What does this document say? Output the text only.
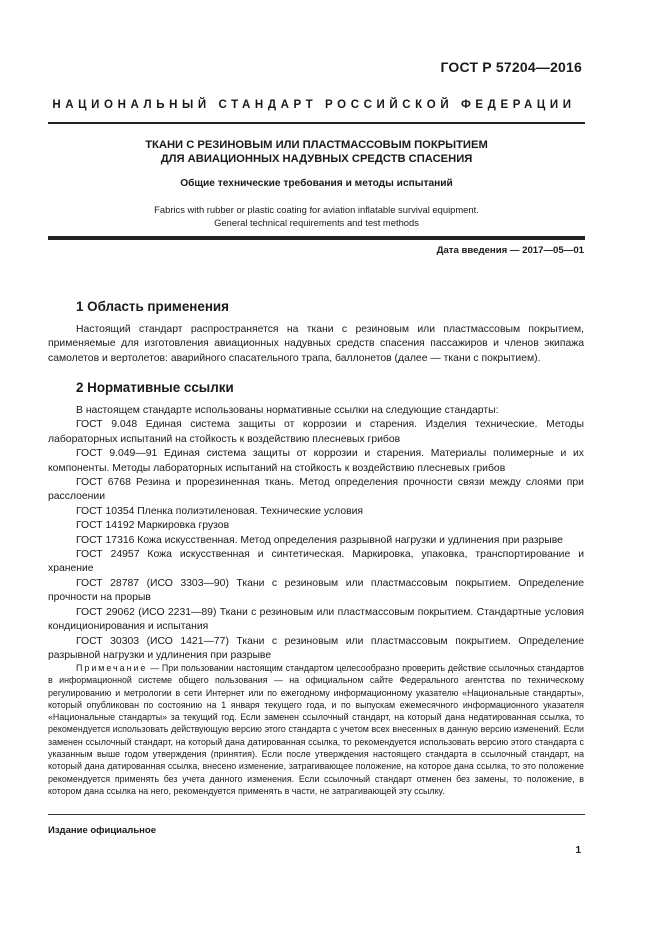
ГОСТ Р 57204—2016
НАЦИОНАЛЬНЫЙ СТАНДАРТ РОССИЙСКОЙ ФЕДЕРАЦИИ
ТКАНИ С РЕЗИНОВЫМ ИЛИ ПЛАСТМАССОВЫМ ПОКРЫТИЕМ
ДЛЯ АВИАЦИОННЫХ НАДУВНЫХ СРЕДСТВ СПАСЕНИЯ
Общие технические требования и методы испытаний
Fabrics with rubber or plastic coating for aviation inflatable survival equipment.
General technical requirements and test methods
Дата введения — 2017—05—01
1 Область применения

Настоящий стандарт распространяется на ткани с резиновым или пластмассовым покрытием, применяемые для изготовления авиационных надувных средств спасения пассажиров и членов экипажа самолетов и вертолетов: аварийного спасательного трапа, баллонетов (далее — ткани с покрытием).

2 Нормативные ссылки

В настоящем стандарте использованы нормативные ссылки на следующие стандарты:

ГОСТ 9.048 Единая система защиты от коррозии и старения. Изделия технические. Методы лабораторных испытаний на стойкость к воздействию плесневых грибов

ГОСТ 9.049—91 Единая система защиты от коррозии и старения. Материалы полимерные и их компоненты. Методы лабораторных испытаний на стойкость к воздействию плесневых грибов

ГОСТ 6768 Резина и прорезиненная ткань. Метод определения прочности связи между слоями при расслоении

ГОСТ 10354 Пленка полиэтиленовая. Технические условия

ГОСТ 14192 Маркировка грузов

ГОСТ 17316 Кожа искусственная. Метод определения разрывной нагрузки и удлинения при разрыве

ГОСТ 24957 Кожа искусственная и синтетическая. Маркировка, упаковка, транспортирование и хранение

ГОСТ 28787 (ИСО 3303—90) Ткани с резиновым или пластмассовым покрытием. Определение прочности на прорыв

ГОСТ 29062 (ИСО 2231—89) Ткани с резиновым или пластмассовым покрытием. Стандартные условия кондиционирования и испытания

ГОСТ 30303 (ИСО 1421—77) Ткани с резиновым или пластмассовым покрытием. Определение разрывной нагрузки и удлинения при разрыве

Примечание — При пользовании настоящим стандартом целесообразно проверить действие ссылочных стандартов в информационной системе общего пользования — на официальном сайте Федерального агентства по техническому регулированию и метрологии в сети Интернет или по ежегодному информационному указателю «Национальные стандарты», который опубликован по состоянию на 1 января текущего года, и по выпускам ежемесячного информационного указателя «Национальные стандарты» за текущий год. Если заменен ссылочный стандарт, на который дана недатированная ссылка, то рекомендуется использовать действующую версию этого стандарта с учетом всех внесенных в данную версию изменений. Если заменен ссылочный стандарт, на который дана датированная ссылка, то рекомендуется использовать версию этого стандарта с указанным выше годом утверждения (принятия). Если после утверждения настоящего стандарта в ссылочный стандарт, на который дана датированная ссылка, внесено изменение, затрагивающее положение, на которое дана ссылка, то это положение рекомендуется применять без учета данного изменения. Если ссылочный стандарт отменен без замены, то положение, в котором дана ссылка на него, рекомендуется применять в части, не затрагивающей эту ссылку.

Издание официальное
1
